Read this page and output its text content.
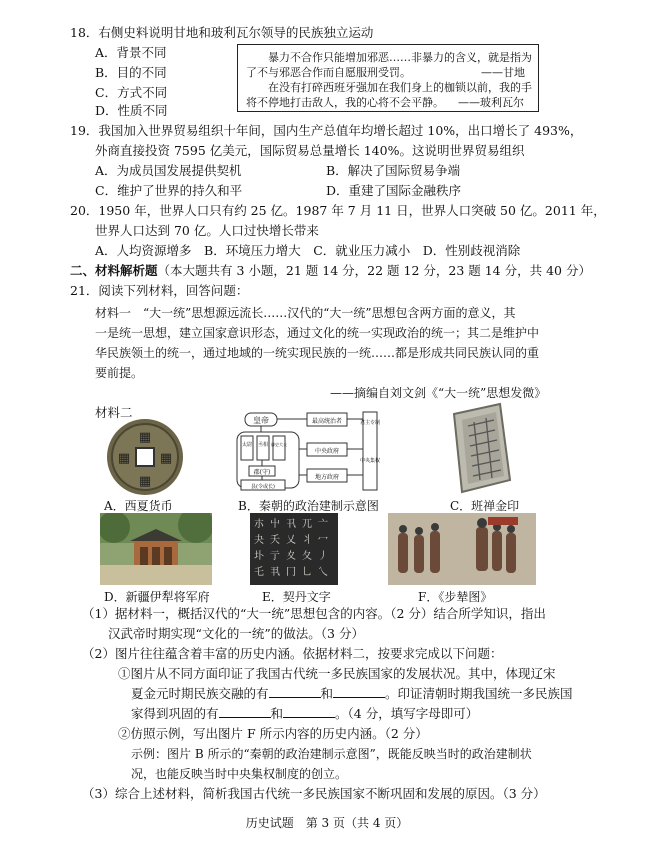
18．右侧史料说明甘地和玻利瓦尔领导的民族独立运动
A．背景不同
B．目的不同
C．方式不同
D．性质不同
暴力不合作只能增加邪恶……非暴力的含义，就是指为
了不与邪恶合作而自愿服刑受罚。	——甘地
在没有打碎西班牙强加在我们身上的枷锁以前，我的手
将不停地打击敌人，我的心将不会平静。 ——玻利瓦尔
19．我国加入世界贸易组织十年间，国内生产总值年均增长超过 10%，出口增长了 493%，
外商直接投资 7595 亿美元，国际贸易总量增长 140%。这说明世界贸易组织
A．为成员国发展提供契机	B．解决了国际贸易争端
C．维护了世界的持久和平	D．重建了国际金融秩序
20．1950 年，世界人口只有约 25 亿。1987 年 7 月 11 日，世界人口突破 50 亿。2011 年，
世界人口达到 70 亿。人口过快增长带来
A．人均资源增多　B．环境压力增大　C．就业压力减小　D．性别歧视消除
二、材料解析题（本大题共有 3 小题，21 题 14 分，22 题 12 分，23 题 14 分，共 40 分）
21．阅读下列材料，回答问题：
材料一　“大一统”思想源远流长……汉代的“大一统”思想包含两方面的意义，其
一是统一思想，建立国家意识形态，通过文化的统一实现政治的统一；其二是维护中
华民族领土的统一，通过地域的一统实现民族的一统……都是形成共同民族认同的重
要前提。
——摘编自刘文剑《“大一统”思想发微》
材料二
▦
▦
▦ ▦
A．西夏货币
皇帝	最高统治者
中央政府
地方政府
太尉 丞相 御史大夫
郡(守)
县(令或长)
君主专制
中央集权
B．秦朝的政治建制示意图	C．班禅金印
D．新疆伊犁将军府
朩
夬
圤
乇
屮
夭
亍
丮
卂
乂
夊
冂
兀
丬
夂
乚
亠
冖
丿
乀
E．契丹文字	F．《步辇图》
（1）据材料一，概括汉代的“大一统”思想包含的内容。（2 分）结合所学知识，指出
汉武帝时期实现“文化的一统”的做法。（3 分）
（2）图片往往蕴含着丰富的历史内涵。依据材料二，按要求完成以下问题：
①图片从不同方面印证了我国古代统一多民族国家的发展状况。其中，体现辽宋
夏金元时期民族交融的有	和	。印证清朝时期我国统一多民族国
家得到巩固的有	和	。（4 分，填写字母即可）
②仿照示例，写出图片 F 所示内容的历史内涵。（2 分）
示例：图片 B 所示的“秦朝的政治建制示意图”，既能反映当时的政治建制状
况，也能反映当时中央集权制度的创立。
（3）综合上述材料，简析我国古代统一多民族国家不断巩固和发展的原因。（3 分）
历史试题　第 3 页（共 4 页）
